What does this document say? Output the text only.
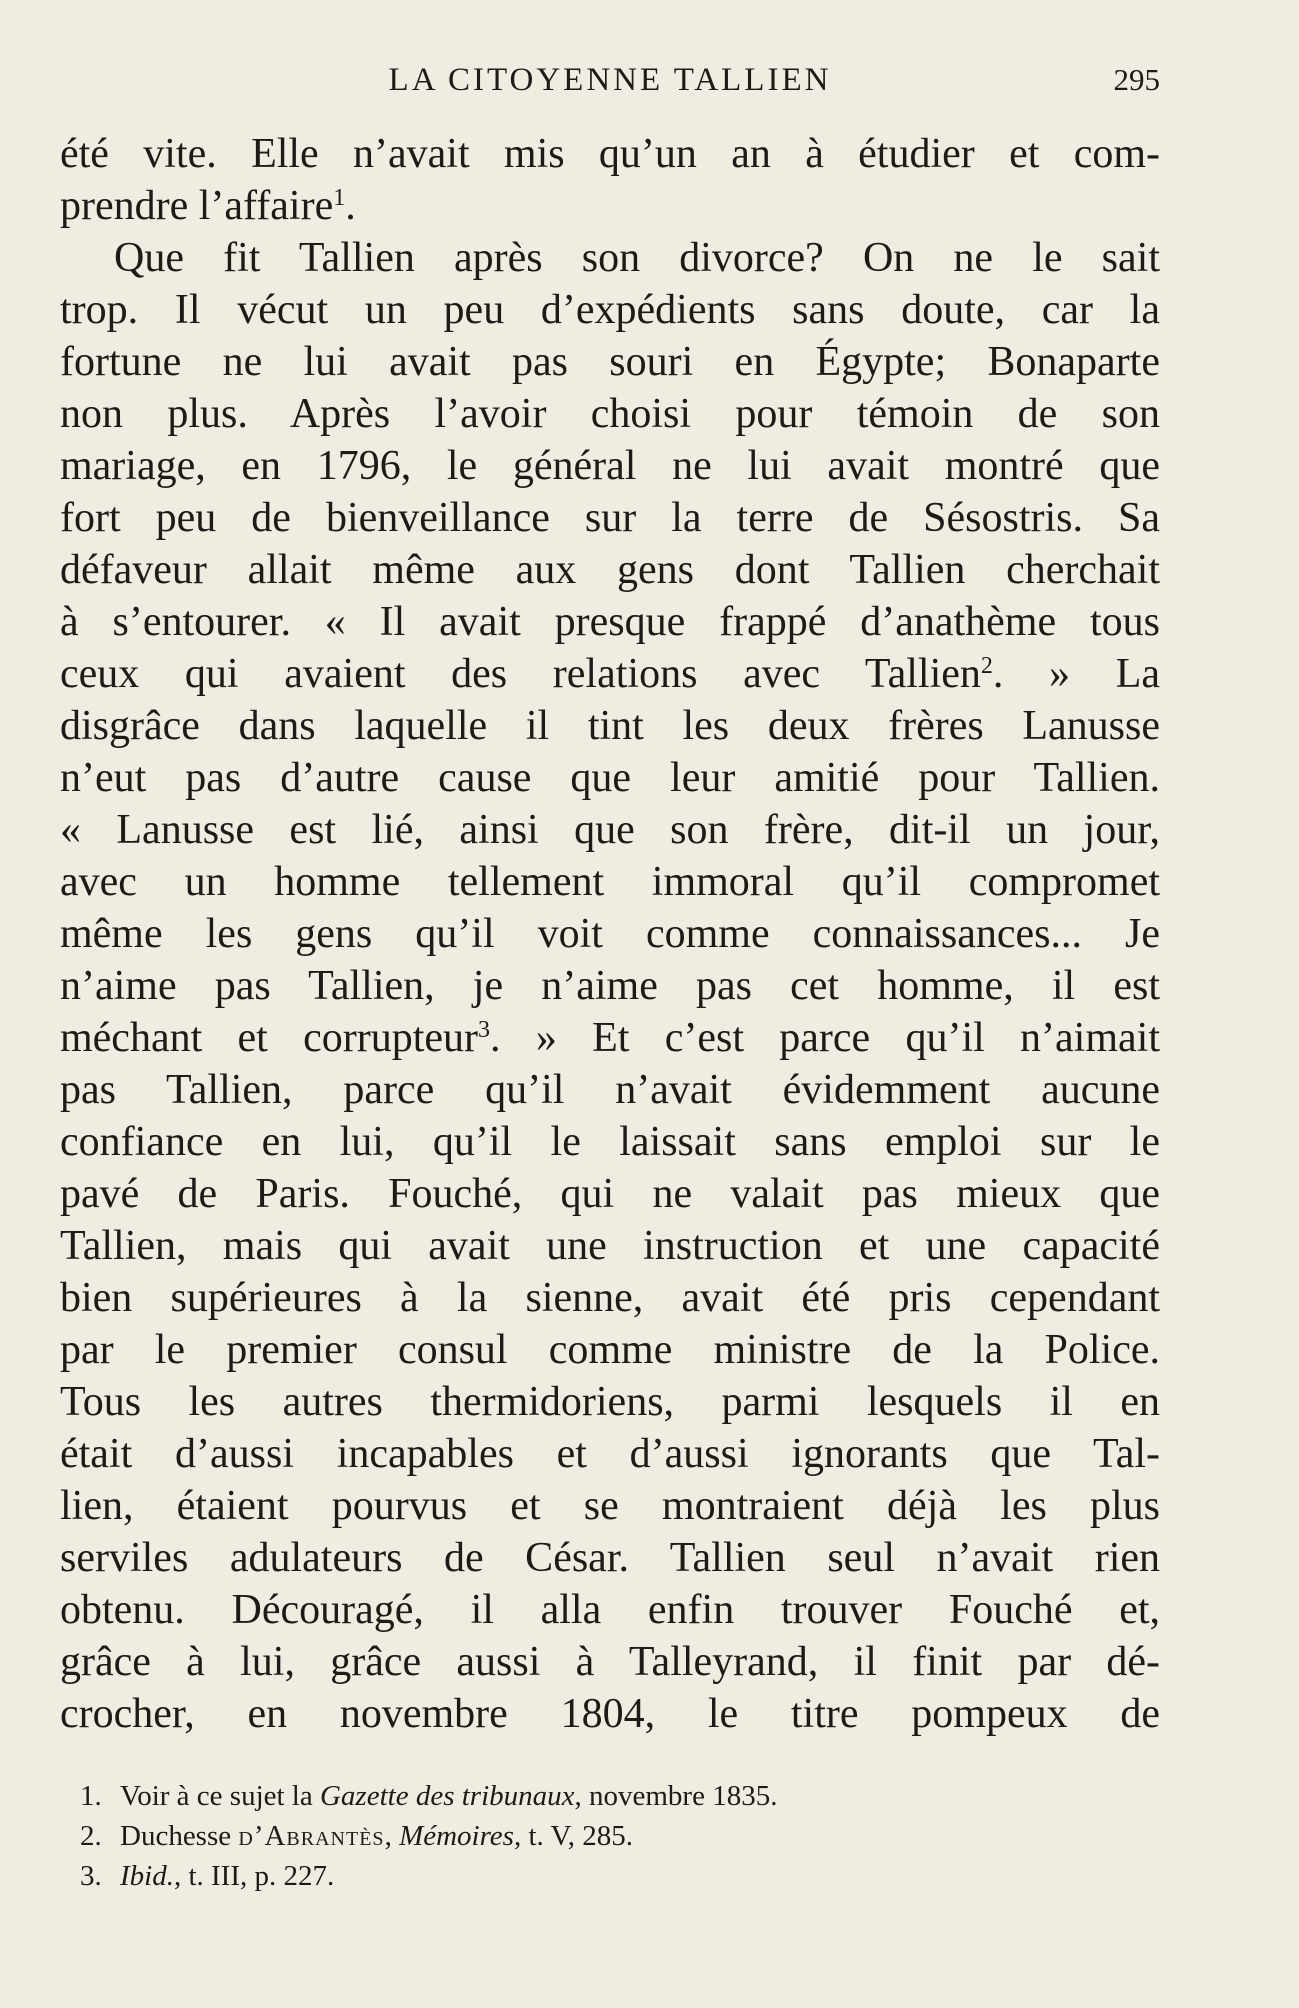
LA CITOYENNE TALLIEN	295
été vite. Elle n’avait mis qu’un an à étudier et com-
prendre l’affaire$^1$.
Que fit Tallien après son divorce? On ne le sait
trop. Il vécut un peu d’expédients sans doute, car la
fortune ne lui avait pas souri en Égypte; Bonaparte
non plus. Après l’avoir choisi pour témoin de son
mariage, en 1796, le général ne lui avait montré que
fort peu de bienveillance sur la terre de Sésostris. Sa
défaveur allait même aux gens dont Tallien cherchait
à s’entourer. « Il avait presque frappé d’anathème tous
ceux qui avaient des relations avec Tallien$^2$. » La
disgrâce dans laquelle il tint les deux frères Lanusse
n’eut pas d’autre cause que leur amitié pour Tallien.
« Lanusse est lié, ainsi que son frère, dit-il un jour,
avec un homme tellement immoral qu’il compromet
même les gens qu’il voit comme connaissances... Je
n’aime pas Tallien, je n’aime pas cet homme, il est
méchant et corrupteur$^3$. » Et c’est parce qu’il n’aimait
pas Tallien, parce qu’il n’avait évidemment aucune
confiance en lui, qu’il le laissait sans emploi sur le
pavé de Paris. Fouché, qui ne valait pas mieux que
Tallien, mais qui avait une instruction et une capacité
bien supérieures à la sienne, avait été pris cependant
par le premier consul comme ministre de la Police.
Tous les autres thermidoriens, parmi lesquels il en
était d’aussi incapables et d’aussi ignorants que Tal-
lien, étaient pourvus et se montraient déjà les plus
serviles adulateurs de César. Tallien seul n’avait rien
obtenu. Découragé, il alla enfin trouver Fouché et,
grâce à lui, grâce aussi à Talleyrand, il finit par dé-
crocher, en novembre 1804, le titre pompeux de
1. Voir à ce sujet la Gazette des tribunaux, novembre 1835.
2. Duchesse d’Abrantès, Mémoires, t. V, 285.
3. Ibid., t. III, p. 227.
